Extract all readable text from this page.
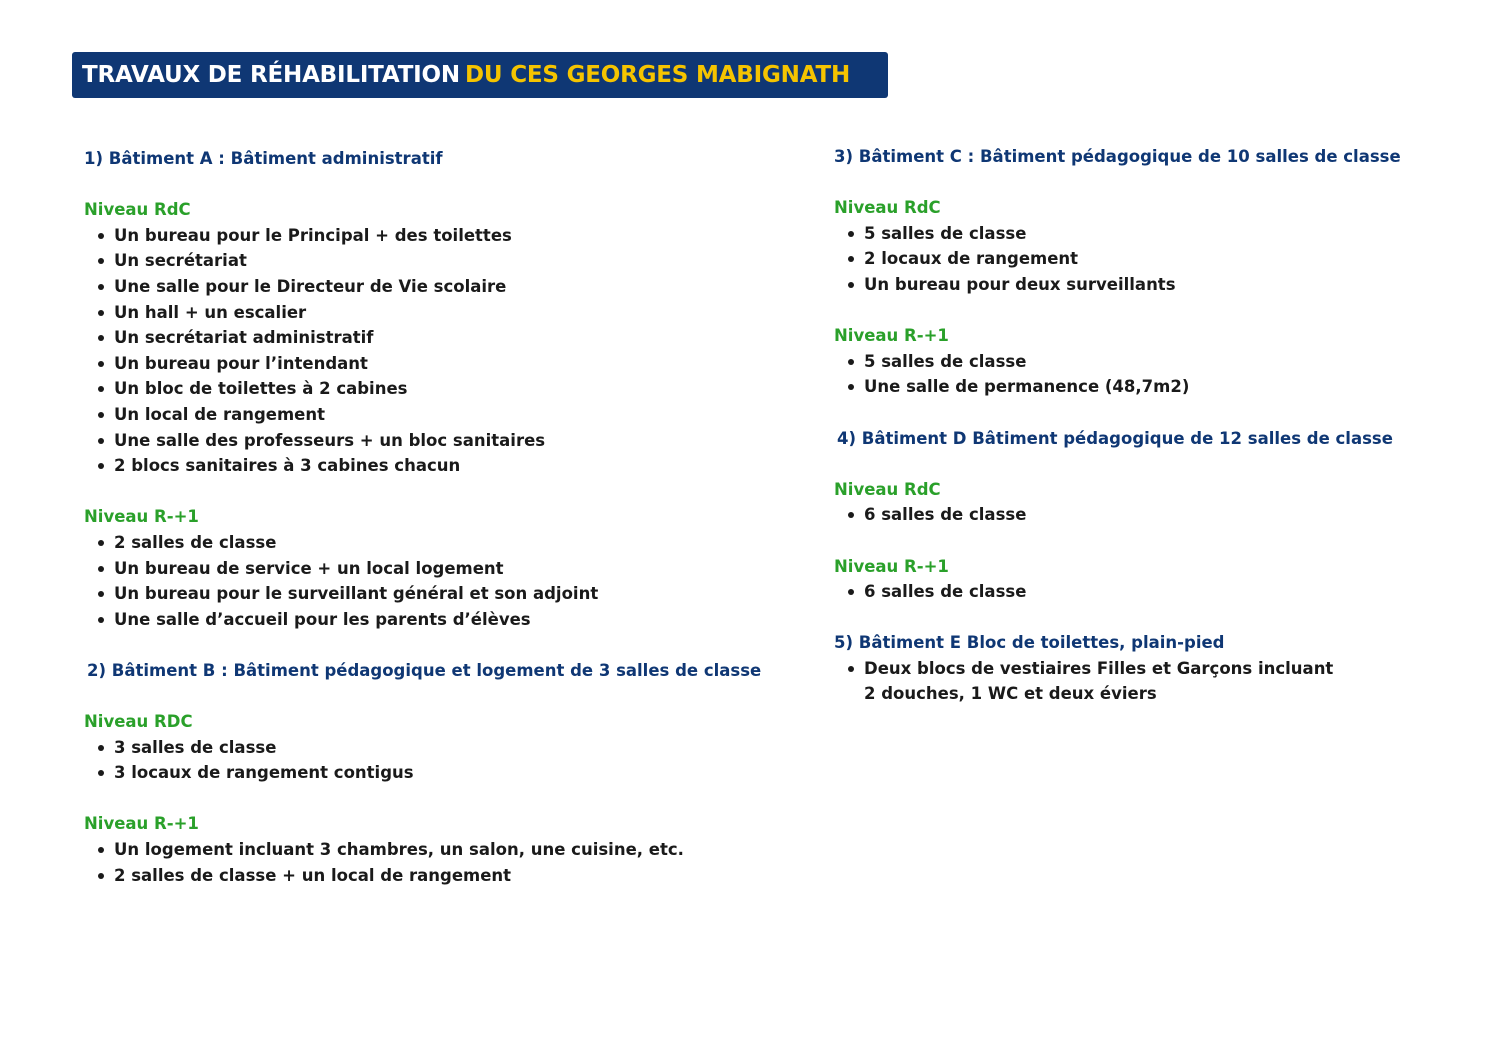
TRAVAUX DE RÉHABILITATION
DU CES GEORGES MABIGNATH

1) Bâtiment A : Bâtiment administratif

Niveau RdC

Un bureau pour le Principal + des toilettes
Un secrétariat
Une salle pour le Directeur de Vie scolaire
Un hall + un escalier
Un secrétariat administratif
Un bureau pour l’intendant
Un bloc de toilettes à 2 cabines
Un local de rangement
Une salle des professeurs + un bloc sanitaires
2 blocs sanitaires à 3 cabines chacun

Niveau R-+1

2 salles de classe
Un bureau de service + un local logement
Un bureau pour le surveillant général et son adjoint
Une salle d’accueil pour les parents d’élèves

2) Bâtiment B : Bâtiment pédagogique et logement de 3 salles de classe

Niveau RDC

3 salles de classe
3 locaux de rangement contigus

Niveau R-+1

Un logement incluant 3 chambres, un salon, une cuisine, etc.
2 salles de classe + un local de rangement

3) Bâtiment C : Bâtiment pédagogique de 10 salles de classe

Niveau RdC

5 salles de classe
2 locaux de rangement
Un bureau pour deux surveillants

Niveau R-+1

5 salles de classe
Une salle de permanence (48,7m2)

4) Bâtiment D Bâtiment pédagogique de 12 salles de classe

Niveau RdC

6 salles de classe

Niveau R-+1

6 salles de classe

5) Bâtiment E Bloc de toilettes, plain-pied

Deux blocs de vestiaires Filles et Garçons incluant 2 douches, 1 WC et deux éviers
